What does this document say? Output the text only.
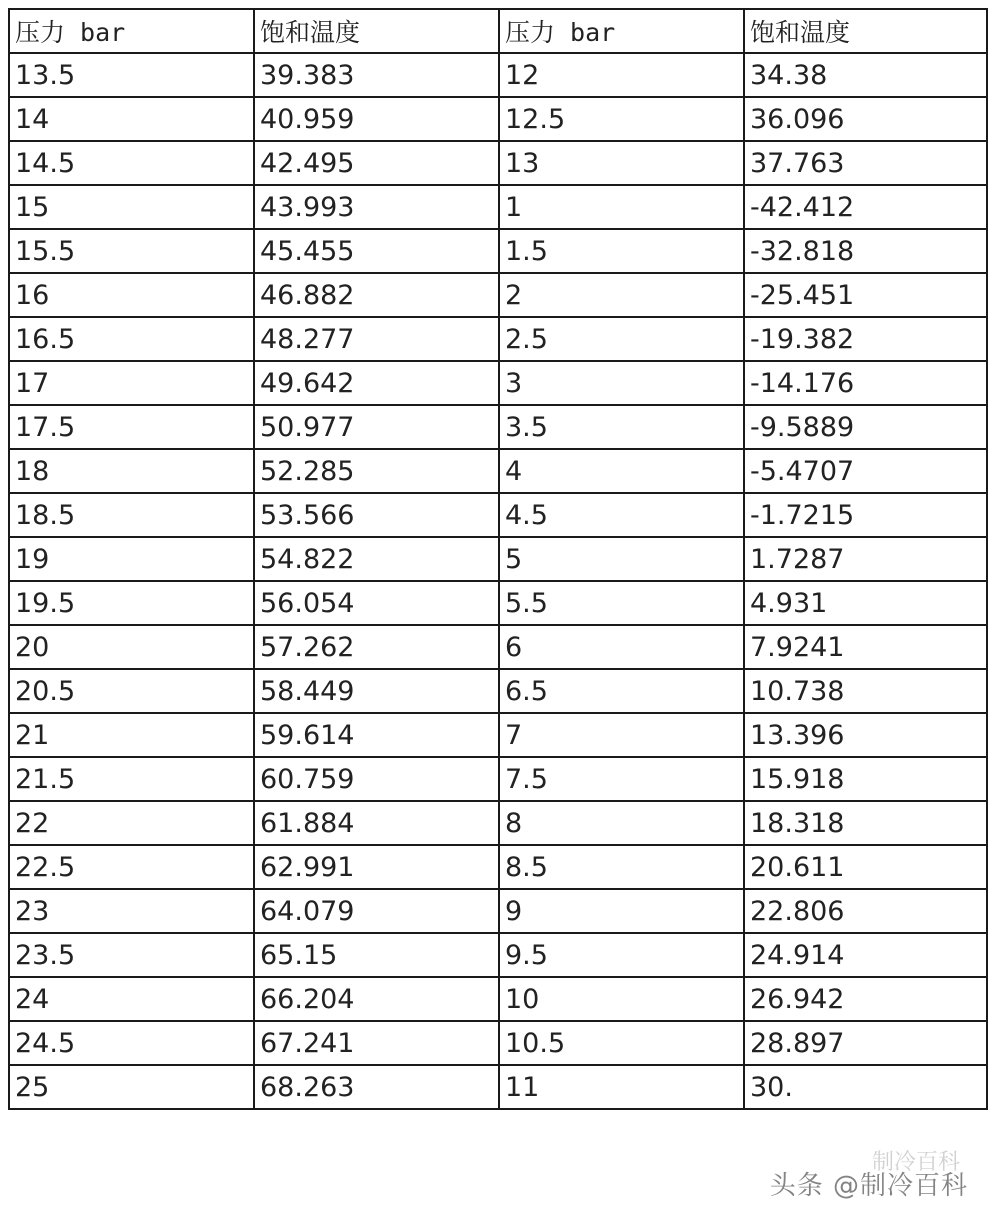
压力 bar	饱和温度	压力 bar	饱和温度
13.5	39.383	12	34.38
14	40.959	12.5	36.096
14.5	42.495	13	37.763
15	43.993	1	-42.412
15.5	45.455	1.5	-32.818
16	46.882	2	-25.451
16.5	48.277	2.5	-19.382
17	49.642	3	-14.176
17.5	50.977	3.5	-9.5889
18	52.285	4	-5.4707
18.5	53.566	4.5	-1.7215
19	54.822	5	1.7287
19.5	56.054	5.5	4.931
20	57.262	6	7.9241
20.5	58.449	6.5	10.738
21	59.614	7	13.396
21.5	60.759	7.5	15.918
22	61.884	8	18.318
22.5	62.991	8.5	20.611
23	64.079	9	22.806
23.5	65.15	9.5	24.914
24	66.204	10	26.942
24.5	67.241	10.5	28.897
25	68.263	11	30.
制冷百科
头条 @制冷百科
